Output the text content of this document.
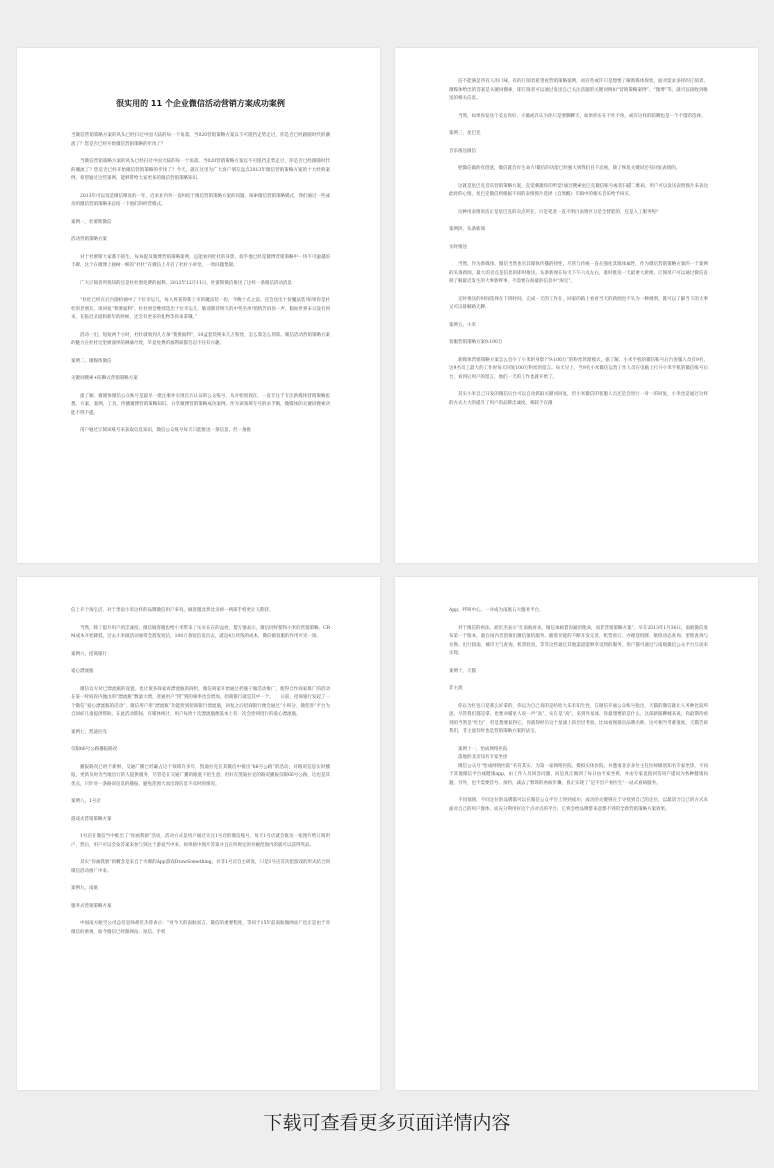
很实用的 11 个企业微信活动营销方案成功案例

当微信营销策略方案的风头已经扫过中国大陆的每一个角落，当020营销策略方案以不可阻挡走势走过，你是否已经跟随时代的潮流了？您是否已经开始微信营销策略的步伐了？

当微信营销策略方案的风头已经扫过中国大陆的每一个角落，当020营销策略方案以不可阻挡走势走过，你是否已经跟随时代的潮流了？您是否已经开始微信营销策略的步伐了？今天，就在这里为广大客户朋友盘点2013年微信营销策略方案的十大经典案例，希望通过这些案例，能够带给大家更多的微信营销策略知识。

2013年可以说是微信爆发的一年，近来业内外一直纠结于微信营销策略方案的问题，探索微信营销策略模式，我们通过一些成功的微信营销策略来总结一下他们的经营模式。

案例一，杜蕾斯微信

活动营销策略方案

对于杜蕾斯大家都不陌生，每每提及微博营销策略案例，总能看到杜杜的身影，似乎他已经是微博营销策略中一块不可逾越的丰碑，这个在微博上独树一帜的“杜杜”在微信上开启了杜杜小讲堂，一周问题集锦。

广大订阅者所熟知的还是杜杜那免费的福利。2012年12月11日，杜蕾斯微信推送了这样一条微信活动消息：

“杜杜已经在后台随机抽中了十位幸运儿，每人将获得新上市的魔法装一份，今晚十点之前，还会送出十份魔法装!如果你是杜杜的老朋友，请回复“我要福利”，杜杜将会继续选出十位幸运儿，敬请期待明天的中奖名单!悄悄告诉你一声，假如世界末日没有到来，在临近圣诞和新年的时候，还会有更多的礼物等你来拿哦。”

活动一出，短短两个小时，杜杜就收到几万条“我要福利”，10盒套装换来几万粉丝，怎么算怎么划算。微信活动营销策略方案的魅力在杜杜这里被演绎的淋漓尽致，毕竟免费的福利谁都会忍不住有兴趣。

案例二，微媒体微信

关键词搜索+陪聊式营销策略方案

提了解，微媒体微信公众账号是最早一批注册并实现官方认证的公众账号，从开始到现在，一直专注于专注新媒体营销策略思想、方案、案例、工具，传播微博营销策略知识，分享微博营销策略成功案例。作为该领域专号的杀手锏，微媒体的关键词搜索功能不得不提。

用户通过订阅该账号来获取信息知识，微信公众账号每天只能推送一条信息，但一条推

信不能满足所有人的口味，有的订阅者希望看营销策略案例，而有些或许只是想要了解新媒体现状，面对需求多样的订阅者，微媒体给出的答案是关键词搜索，即订阅者可以通过发送自己关注话题的关键词例如“营销策略案例”、“微博”等，就可以接收到推送的相关信息。

当然，如果你发送个美女你好，小微或许认为你只是要聊聊天，如果你实在不吐不快，或许这样的陪聊也是一个不错的选择。

案例三，星巴克

音乐推送微信

把微信做的有创意，微信就会有生命力!微信的功能已经强大到我们目不忍视，除了恢复关键词还有回复表情的。

这就是星巴克音乐营销策略方案，直觉刺激你的听觉!通过搜索星巴克微信账号或者扫描二维码，用户可以发送表情图片来表达此时的心情，星巴克微信则根据不同的表情图片选择《自然醒》专辑中的相关音乐给予回应。

这种用表情说话正是星巴克的卖点所在，只是笔者一直不明白表情区分是全智能的，还是人工服务呢？

案例四，头条新闻

实时推送

当然，作为新媒体，微信当然也有其媒体传播的特性，尽管与传统一直在强化其媒体属性，作为微信营销策略方案的一个案例的头条新闻，最大的卖点是信息的即时推送，头条新闻在每天下午六点左右，准时推送一天最重大新闻，订阅用户可以通过微信直接了解最近发生的大事新鲜事，不需要在海量的信息中“淘宝”。

定时推送的时间选择在下班时间，完成一天的工作在，回家的路上看看当天的新闻也不失为一种调剂，既可以了解当下的大事又可以排解路无聊。

案例五，小米

客服营销策略方案9:100万

新媒体营销策略方案怎么会少了小米的身影?“9:100万”的粉丝管理模式，据了解，小米手机的微信账号后台客服人员有9名，这9名员工最大的工作时每天回复100万粉丝的留言。每天早上，当9名小米微信运营工作人员在电脑上打开小米手机的微信账号后台，看到后用户的留言，他们一天的工作也就开始了。

其实小米自己开发的微信后台可以自动抓取关键词回复，但小米微信的客服人员还是会进行一对一的回复，小米也是通过这样的方式大大的提升了用户的品牌忠诚度。相较于在微

信上开个淘宝店，对于类似小米这样的品牌微信用户来说，做客服显然比卖掉一两部手机更让人期待。

当然，除了提升用户的忠诚度，微信做客服也给小米带来了实实在在的益处，黎万强表示，微信同样使得小米的营销策略、CRM成本开始降低，过去小米做活动通常会群发短信，100万条短信发出去，就是4万块钱的成本，微信做客服的作用可见一斑。

案例六，招商银行

爱心漂流瓶

微信官方对已漂流瓶的设置，也让很多商家看漂流瓶的商机，微信商家开始通过扔瓶子做活动推广，使得合作商家推广的活动在某一时间段内抛出的“漂流瓶”数量大增，普通用户“捞”到的频率也会增加，招商银行就是其中一个。　　日前，招商银行发起了一个微信“爱心漂流瓶的活动”，微信用户用“漂流瓶”功能捡到招商银行漂流瓶，回复之后招商银行便会通过“小积分，微慈善”平台为自闭症儿童提供帮助。在此活动期间，有媒体统计，用户每捡十次漂流瓶便基本上有一次会捡到招行的爱心漂流瓶。

案例七，凯迪拉克

仅限66号公路播报路况

播报路况已经不新鲜，交通广播已经霸占这个领域许多年，凯迪拉克在其微信中推出“66号公路”的活动，对路况信息实时播报，更新及时为当地出行的人提供服务，尽管是在交通广播的眼底下抢生意，但好在凯迪拉克的路况播报仅限66号公路，这也是其优点，只针对一条路况信息的播报，避免范围大而出现信息不及时的情况。

案例八，1号店

游戏式营销策略方案

1号店在微信当中推出了“你画我猜”活动，活动方式是用户通过关注1号店的微信账号，每天1号店就会推送一张图片给订阅用户，然后，用户可以会发答案来参与到这个游戏当中来。如果猜中图片答案并且在所规定的名额范围内的就可以获得奖品。

其实“你画我猜”的概念是来自于火爆的App游戏DrawSomething，并非1号店自主研发，只是1号店首次把游戏的形式结合到微信活动推广中来。

案例九，南航

服务式营销策略方案

中国南方航空公司总信息师胡臣杰曾表示：“对今天的南航而言，微信的重要程度，等同于15年前南航做网站!”也正是由于对微信的重视，如今微信已经跟网站、短信、手机

App、呼叫中心，一并成为南航五大服务平台。

对于微信的看法，胡臣杰表示“在南航看来，微信承载着沟通的使命，而非营销策略方案”。早在2013年1月30日，南航微信发布第一个版本，就在国内首创推出微信值机服务。随着功能的不断开发完善，机票预订、办理登机牌、航班动态查询、里程查询与兑换、出行指南、城市天气查询、机票验真，等等这些通过其他渠道能够享受到的服务，用户都可通过与南航微信公众平台互动来实现。

案例十，天猫

非主流

你以为红包只是那么好拿的，你以为自己真的是哈哈大乐未知生性，在微信开通公众账号指出，天猫的微信就让人务种比较所思，尽管我们都是拿，也要对喵星人说一声“高”，实在是“高”，来到外星球，你最想要的是什么，这部新版聊城来说，你最期待看到的当然是“红包”，但是想要获得它，你就得经历这个星球上的层层考验。比如看图猜出品牌名称，这可相当考难准度。天猫告诉我们，非主流有时也是营销策略方案的法宝。

案例十一，怡成网络医院

落地的北京知名专家坐诊

微信公众号“怡成网络医院”名符其实，为第一家网络医院，模拟实体医院，并邀请北京多位主任医师级别知名专家坐诊，不同于其他微信平台或健康app，由工作人员回答问题，而是真正做到了每日由专家坐班，并由专家直接回答用户提问为各种健康问题，另外，也不需要挂号、预约，减去了繁琐的看病步骤，真正实现了“足不出户看医生”一站式看病服务。

不同领域，不同定位的品牌都可以在微信公众平台上得到成功，成功的关键则在于寻找到自己的定位，以最适合自己的方式来面对自己的用户群体，而充分利用好这个点对点的平台，它将会给品牌带来意想不到的全新营销策略方案效果。

下载可查看更多页面详情内容
